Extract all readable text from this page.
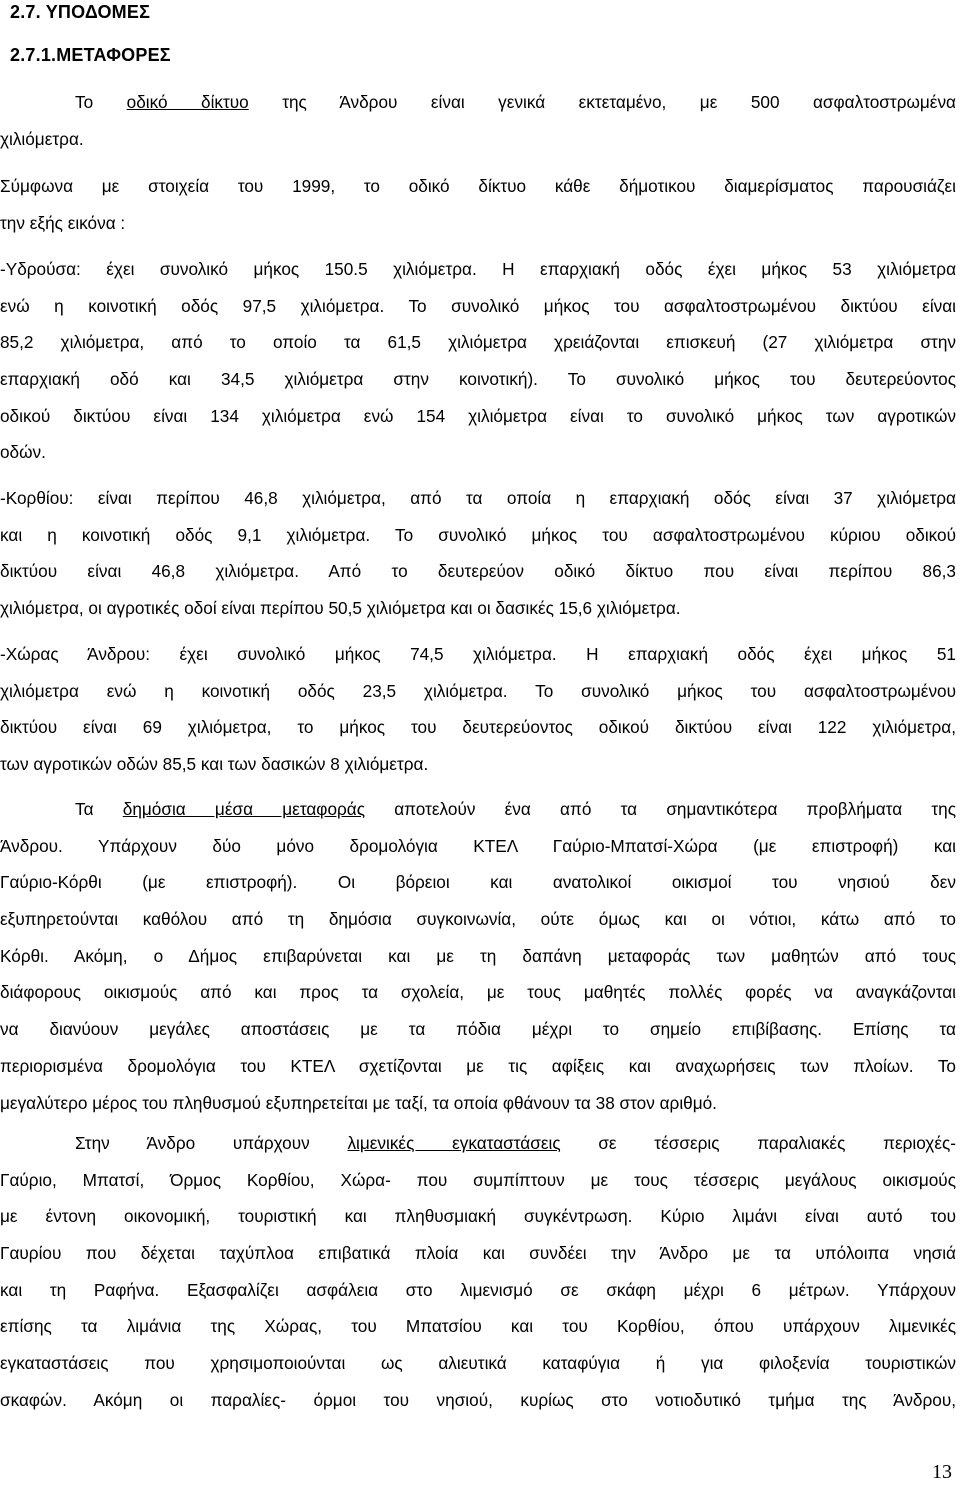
2.7. ΥΠΟΔΟΜΕΣ
2.7.1.ΜΕΤΑΦΟΡΕΣ
Το οδικό δίκτυο της Άνδρου είναι γενικά εκτεταμένο, με 500 ασφαλτοστρωμένα
χιλιόμετρα.
Σύμφωνα με στοιχεία του 1999, το οδικό δίκτυο κάθε δήμοτικου διαμερίσματος παρουσιάζει
την εξής εικόνα :
-Υδρούσα: έχει συνολικό μήκος 150.5 χιλιόμετρα. Η επαρχιακή οδός έχει μήκος 53 χιλιόμετρα
ενώ η κοινοτική οδός 97,5 χιλιόμετρα. Το συνολικό μήκος του ασφαλτοστρωμένου δικτύου είναι
85,2 χιλιόμετρα, από το οποίο τα 61,5 χιλιόμετρα χρειάζονται επισκευή (27 χιλιόμετρα στην
επαρχιακή οδό και 34,5 χιλιόμετρα στην κοινοτική). Το συνολικό μήκος του δευτερεύοντος
οδικού δικτύου είναι 134 χιλιόμετρα ενώ 154 χιλιόμετρα είναι το συνολικό μήκος των αγροτικών
οδών.
-Κορθίου: είναι περίπου 46,8 χιλιόμετρα, από τα οποία η επαρχιακή οδός είναι 37 χιλιόμετρα
και η κοινοτική οδός 9,1 χιλιόμετρα. Το συνολικό μήκος του ασφαλτοστρωμένου κύριου οδικού
δικτύου είναι 46,8 χιλιόμετρα. Από το δευτερεύον οδικό δίκτυο που είναι περίπου 86,3
χιλιόμετρα, οι αγροτικές οδοί είναι περίπου 50,5 χιλιόμετρα και οι δασικές 15,6 χιλιόμετρα.
-Χώρας Άνδρου: έχει συνολικό μήκος 74,5 χιλιόμετρα. Η επαρχιακή οδός έχει μήκος 51
χιλιόμετρα ενώ η κοινοτική οδός 23,5 χιλιόμετρα. Το συνολικό μήκος του ασφαλτοστρωμένου
δικτύου είναι 69 χιλιόμετρα, το μήκος του δευτερεύοντος οδικού δικτύου είναι 122 χιλιόμετρα,
των αγροτικών οδών 85,5 και των δασικών 8 χιλιόμετρα.
Τα δημόσια μέσα μεταφοράς αποτελούν ένα από τα σημαντικότερα προβλήματα της
Άνδρου. Υπάρχουν δύο μόνο δρομολόγια ΚΤΕΛ Γαύριο-Μπατσί-Χώρα (με επιστροφή) και
Γαύριο-Κόρθι (με επιστροφή). Οι βόρειοι και ανατολικοί οικισμοί του νησιού δεν
εξυπηρετούνται καθόλου από τη δημόσια συγκοινωνία, ούτε όμως και οι νότιοι, κάτω από το
Κόρθι. Ακόμη, ο Δήμος επιβαρύνεται και με τη δαπάνη μεταφοράς των μαθητών από τους
διάφορους οικισμούς από και προς τα σχολεία, με τους μαθητές πολλές φορές να αναγκάζονται
να διανύουν μεγάλες αποστάσεις με τα πόδια μέχρι το σημείο επιβίβασης. Επίσης τα
περιορισμένα δρομολόγια του ΚΤΕΛ σχετίζονται με τις αφίξεις και αναχωρήσεις των πλοίων. Το
μεγαλύτερο μέρος του πληθυσμού εξυπηρετείται με ταξί, τα οποία φθάνουν τα 38 στον αριθμό.
Στην Άνδρο υπάρχουν λιμενικές εγκαταστάσεις σε τέσσερις παραλιακές περιοχές-
Γαύριο, Μπατσί, Όρμος Κορθίου, Χώρα- που συμπίπτουν με τους τέσσερις μεγάλους οικισμούς
με έντονη οικονομική, τουριστική και πληθυσμιακή συγκέντρωση. Κύριο λιμάνι είναι αυτό του
Γαυρίου που δέχεται ταχύπλοα επιβατικά πλοία και συνδέει την Άνδρο με τα υπόλοιπα νησιά
και τη Ραφήνα. Εξασφαλίζει ασφάλεια στο λιμενισμό σε σκάφη μέχρι 6 μέτρων. Υπάρχουν
επίσης τα λιμάνια της Χώρας, του Μπατσίου και του Κορθίου, όπου υπάρχουν λιμενικές
εγκαταστάσεις που χρησιμοποιούνται ως αλιευτικά καταφύγια ή για φιλοξενία τουριστικών
σκαφών. Ακόμη οι παραλίες- όρμοι του νησιού, κυρίως στο νοτιοδυτικό τμήμα της Άνδρου,
13
